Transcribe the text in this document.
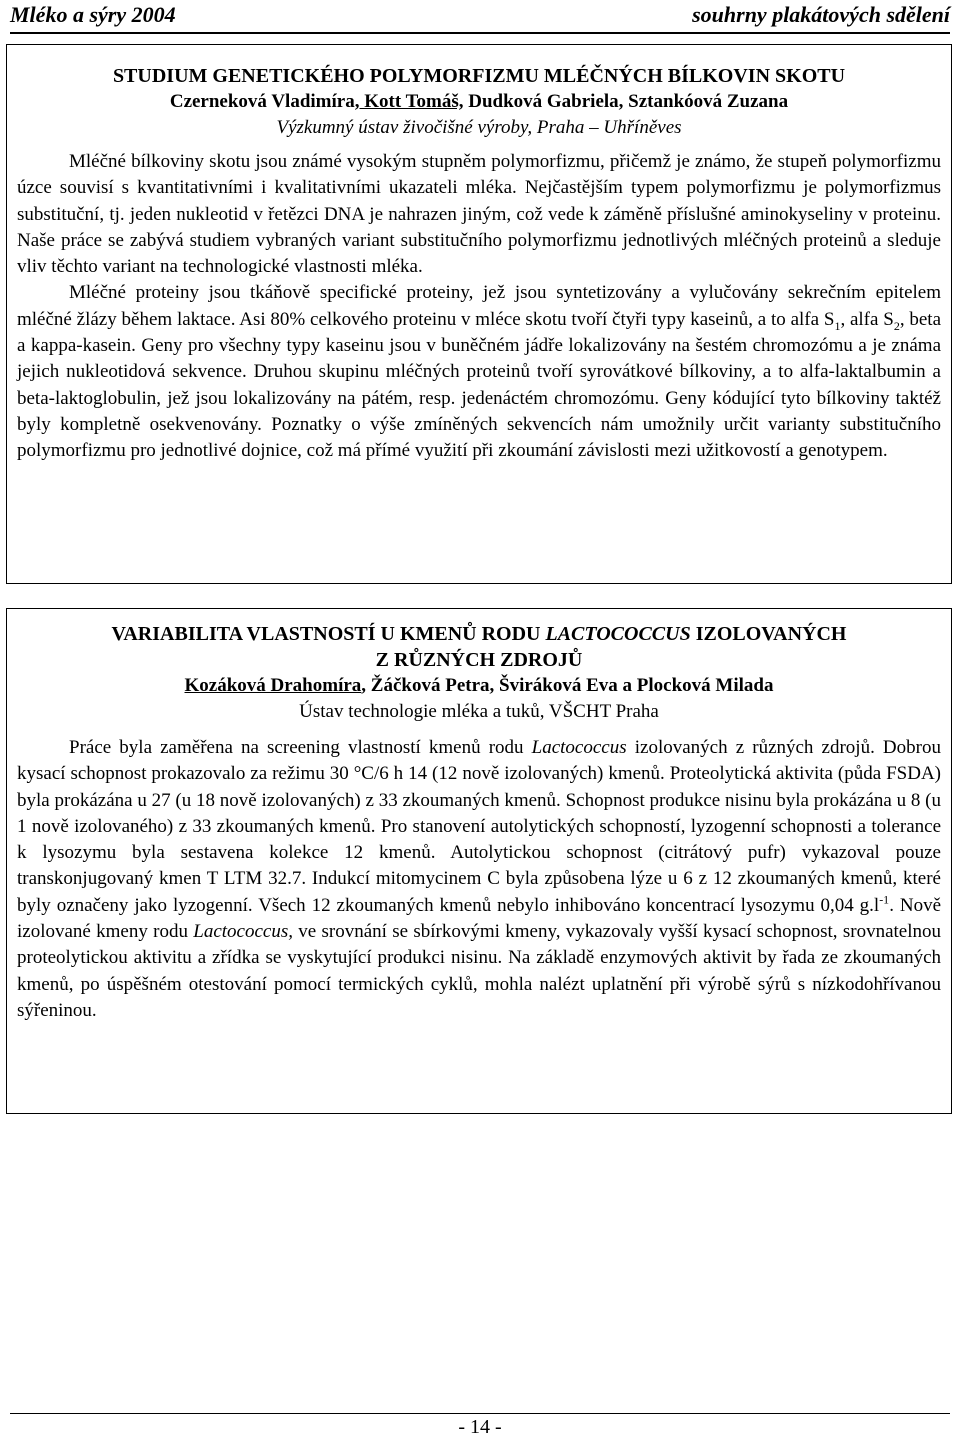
Mléko a sýry 2004	souhrny plakátových sdělení

STUDIUM GENETICKÉHO POLYMORFIZMU MLÉČNÝCH BÍLKOVIN SKOTU

Czerneková Vladimíra, Kott Tomáš, Dudková Gabriela, Sztankóová Zuzana

Výzkumný ústav živočišné výroby, Praha – Uhříněves

Mléčné bílkoviny skotu jsou známé vysokým stupněm polymorfizmu, přičemž je známo, že stupeň polymorfizmu úzce souvisí s kvantitativními i kvalitativními ukazateli mléka. Nejčastějším typem polymorfizmu je polymorfizmus substituční, tj. jeden nukleotid v řetězci DNA je nahrazen jiným, což vede k záměně příslušné aminokyseliny v proteinu. Naše práce se zabývá studiem vybraných variant substitučního polymorfizmu jednotlivých mléčných proteinů a sleduje vliv těchto variant na technologické vlastnosti mléka.

Mléčné proteiny jsou tkáňově specifické proteiny, jež jsou syntetizovány a vylučovány sekrečním epitelem mléčné žlázy během laktace. Asi 80% celkového proteinu v mléce skotu tvoří čtyři typy kaseinů, a to alfa $S_1$, alfa $S_2$, beta a kappa-kasein. Geny pro všechny typy kaseinu jsou v buněčném jádře lokalizovány na šestém chromozómu a je známa jejich nukleotidová sekvence. Druhou skupinu mléčných proteinů tvoří syrovátkové bílkoviny, a to alfa-laktalbumin a beta-laktoglobulin, jež jsou lokalizovány na pátém, resp. jedenáctém chromozómu. Geny kódující tyto bílkoviny taktéž byly kompletně osekvenovány. Poznatky o výše zmíněných sekvencích nám umožnily určit varianty substitučního polymorfizmu pro jednotlivé dojnice, což má přímé využití při zkoumání závislosti mezi užitkovostí a genotypem.

VARIABILITA VLASTNOSTÍ U KMENŮ RODU LACTOCOCCUS IZOLOVANÝCH

Z RŮZNÝCH ZDROJŮ

Kozáková Drahomíra, Žáčková Petra, Šviráková Eva a Plocková Milada

Ústav technologie mléka a tuků, VŠCHT Praha

Práce byla zaměřena na screening vlastností kmenů rodu Lactococcus izolovaných z různých zdrojů. Dobrou kysací schopnost prokazovalo za režimu 30 °C/6 h 14 (12 nově izolovaných) kmenů. Proteolytická aktivita (půda FSDA) byla prokázána u 27 (u 18 nově izolovaných) z 33 zkoumaných kmenů. Schopnost produkce nisinu byla prokázána u 8 (u 1 nově izolovaného) z 33 zkoumaných kmenů. Pro stanovení autolytických schopností, lyzogenní schopnosti a tolerance k lysozymu byla sestavena kolekce 12 kmenů. Autolytickou schopnost (citrátový pufr) vykazoval pouze transkonjugovaný kmen T LTM 32.7. Indukcí mitomycinem C byla způsobena lýze u 6 z 12 zkoumaných kmenů, které byly označeny jako lyzogenní. Všech 12 zkoumaných kmenů nebylo inhibováno koncentrací lysozymu 0,04 $g.l^{-1}$. Nově izolované kmeny rodu Lactococcus, ve srovnání se sbírkovými kmeny, vykazovaly vyšší kysací schopnost, srovnatelnou proteolytickou aktivitu a zřídka se vyskytující produkci nisinu. Na základě enzymových aktivit by řada ze zkoumaných kmenů, po úspěšném otestování pomocí termických cyklů, mohla nalézt uplatnění při výrobě sýrů s nízkodohřívanou sýřeninou.

- 14 -
